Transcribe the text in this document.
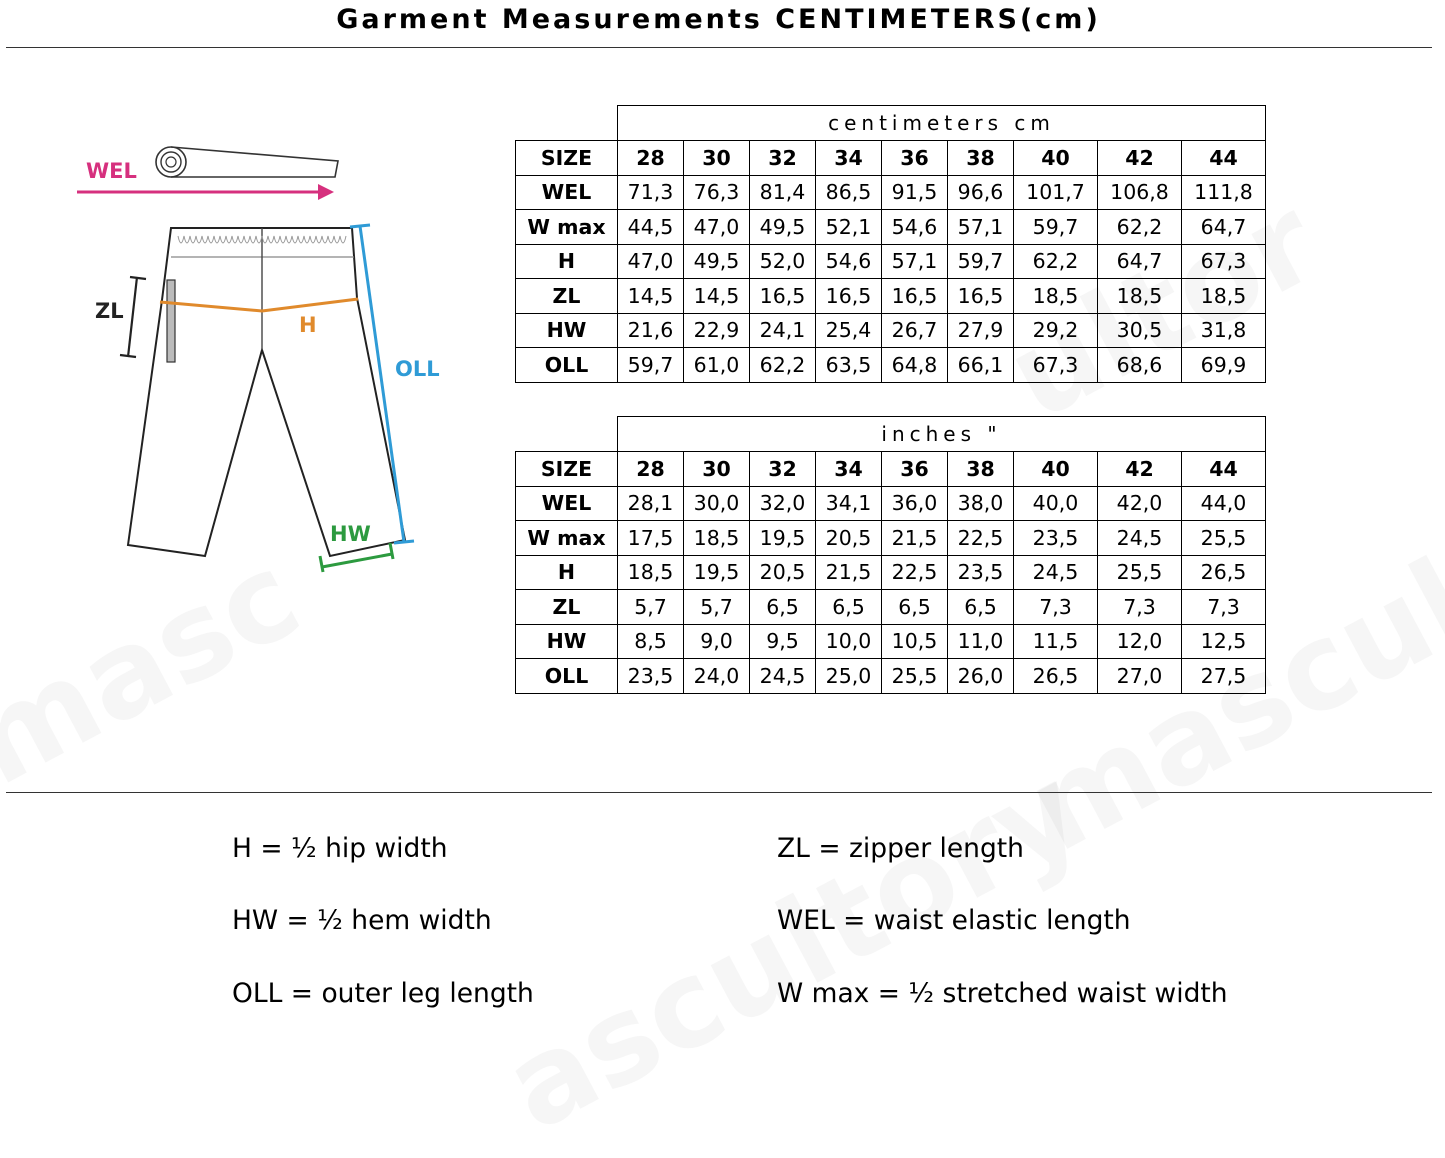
Garment Measurements CENTIMETERS(cm)
WEL
ZL
H
OLL
HW
	centimeters cm								
SIZE	28	30	32	34	36	38	40	42	44
WEL	71,3	76,3	81,4	86,5	91,5	96,6	101,7	106,8	111,8
W max	44,5	47,0	49,5	52,1	54,6	57,1	59,7	62,2	64,7
H	47,0	49,5	52,0	54,6	57,1	59,7	62,2	64,7	67,3
ZL	14,5	14,5	16,5	16,5	16,5	16,5	18,5	18,5	18,5
HW	21,6	22,9	24,1	25,4	26,7	27,9	29,2	30,5	31,8
OLL	59,7	61,0	62,2	63,5	64,8	66,1	67,3	68,6	69,9
	inches "								
SIZE	28	30	32	34	36	38	40	42	44
WEL	28,1	30,0	32,0	34,1	36,0	38,0	40,0	42,0	44,0
W max	17,5	18,5	19,5	20,5	21,5	22,5	23,5	24,5	25,5
H	18,5	19,5	20,5	21,5	22,5	23,5	24,5	25,5	26,5
ZL	5,7	5,7	6,5	6,5	6,5	6,5	7,3	7,3	7,3
HW	8,5	9,0	9,5	10,0	10,5	11,0	11,5	12,0	12,5
OLL	23,5	24,0	24,5	25,0	25,5	26,0	26,5	27,0	27,5
H = ½ hip width
HW = ½ hem width
OLL = outer leg length
ZL = zipper length
WEL = waist elastic length
W max = ½ stretched waist width
